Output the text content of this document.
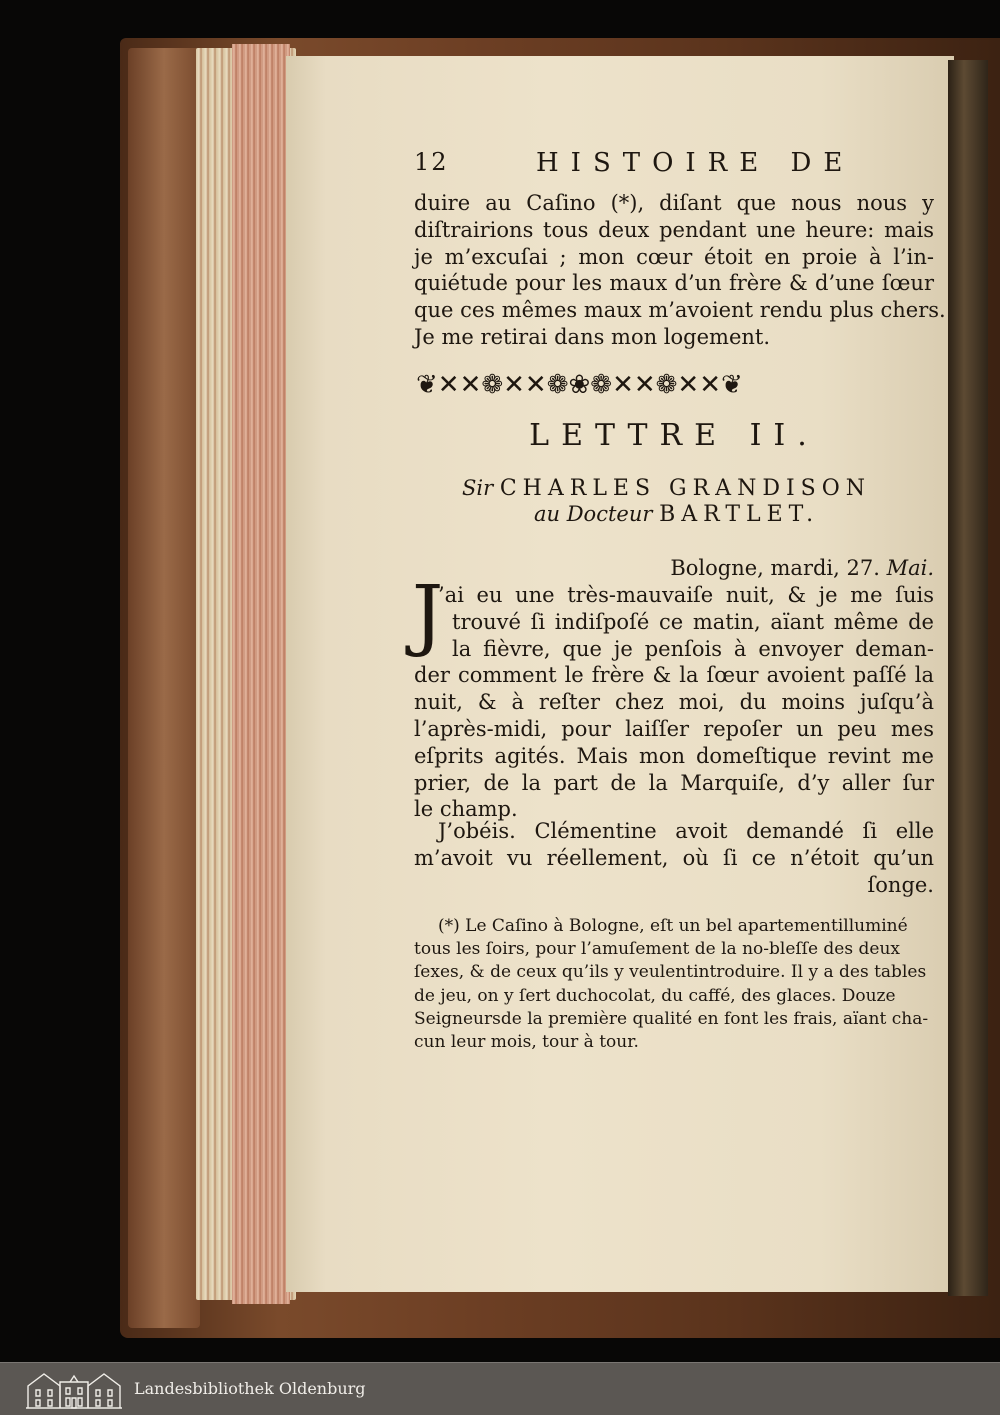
12	HISTOIRE DE
duire au Caſino (*), diſant que nous nous y
diſtrairions tous deux pendant une heure: mais
je m’excuſai ; mon cœur étoit en proie à l’in-
quiétude pour les maux d’un frère & d’une ſœur
que ces mêmes maux m’avoient rendu plus chers.
Je me retirai dans mon logement.
❦✕✕❁✕✕❁❀❁✕✕❁✕✕❦
LETTRE II.
Sir CHARLES GRANDISON
au Docteur BARTLET.
Bologne, mardi, 27. Mai.
J
’ai eu une très-mauvaiſe nuit, & je me ſuis
trouvé ſi indiſpoſé ce matin, aïant même de
la fièvre, que je penſois à envoyer deman-
der comment le frère & la ſœur avoient paſſé la
nuit, & à reſter chez moi, du moins juſqu’à
l’après-midi, pour laiſſer repoſer un peu mes
eſprits agités. Mais mon domeſtique revint me
prier, de la part de la Marquiſe, d’y aller ſur
le champ.
J’obéis. Clémentine avoit demandé ſi elle
m’avoit vu réellement, où ſi ce n’étoit qu’un
ſonge.
(*) Le Caſino à Bologne, eſt un bel apartementilluminé tous les ſoirs, pour l’amuſement de la no-bleſſe des deux ſexes, & de ceux qu’ils y veulentintroduire. Il y a des tables de jeu, on y ſert duchocolat, du caffé, des glaces. Douze Seigneursde la première qualité en font les frais, aïant cha-cun leur mois, tour à tour.
Landesbibliothek Oldenburg
